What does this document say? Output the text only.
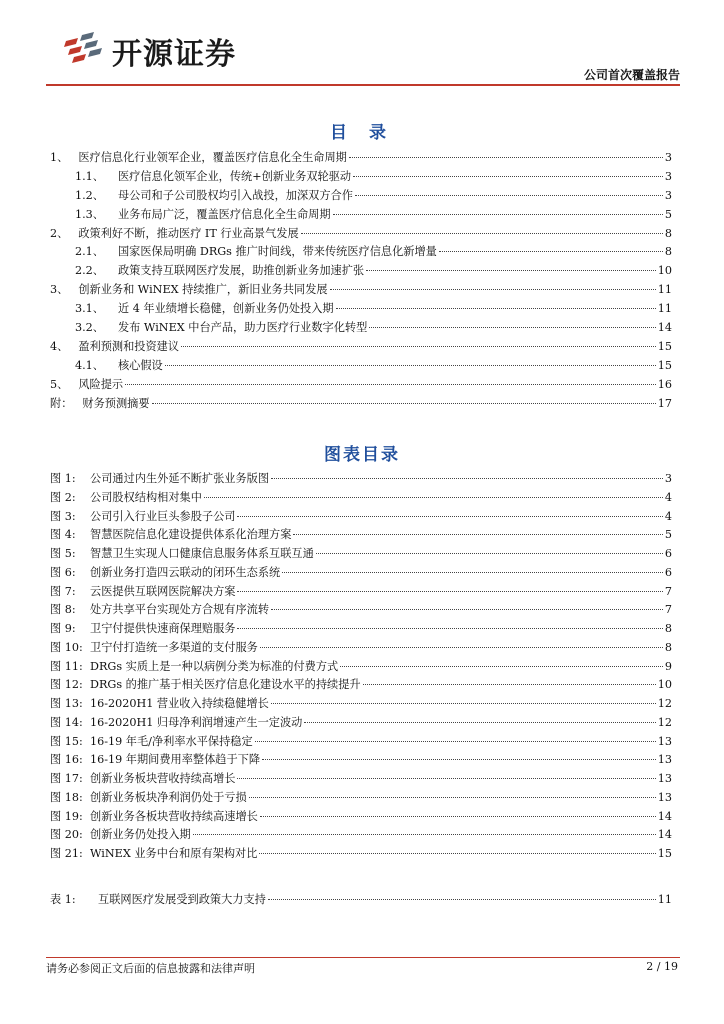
开源证券
公司首次覆盖报告
目 录
1、 医疗信息化行业领军企业，覆盖医疗信息化全生命周期	3
1.1、 医疗信息化领军企业，传统+创新业务双轮驱动	3
1.2、 母公司和子公司股权均引入战投，加深双方合作	3
1.3、 业务布局广泛，覆盖医疗信息化全生命周期	5
2、 政策利好不断，推动医疗 IT 行业高景气发展	8
2.1、 国家医保局明确 DRGs 推广时间线，带来传统医疗信息化新增量	8
2.2、 政策支持互联网医疗发展，助推创新业务加速扩张	10
3、 创新业务和 WiNEX 持续推广，新旧业务共同发展	11
3.1、 近 4 年业绩增长稳健，创新业务仍处投入期	11
3.2、 发布 WiNEX 中台产品，助力医疗行业数字化转型	14
4、 盈利预测和投资建议	15
4.1、 核心假设	15
5、 风险提示	16
附： 财务预测摘要	17
图表目录
图 1:	公司通过内生外延不断扩张业务版图	3
图 2:	公司股权结构相对集中	4
图 3:	公司引入行业巨头参股子公司	4
图 4:	智慧医院信息化建设提供体系化治理方案	5
图 5:	智慧卫生实现人口健康信息服务体系互联互通	6
图 6:	创新业务打造四云联动的闭环生态系统	6
图 7:	云医提供互联网医院解决方案	7
图 8:	处方共享平台实现处方合规有序流转	7
图 9:	卫宁付提供快速商保理赔服务	8
图 10: 卫宁付打造统一多渠道的支付服务	8
图 11: DRGs 实质上是一种以病例分类为标准的付费方式	9
图 12: DRGs 的推广基于相关医疗信息化建设水平的持续提升	10
图 13: 16-2020H1 营业收入持续稳健增长	12
图 14: 16-2020H1 归母净利润增速产生一定波动	12
图 15: 16-19 年毛/净利率水平保持稳定	13
图 16: 16-19 年期间费用率整体趋于下降	13
图 17: 创新业务板块营收持续高增长	13
图 18: 创新业务板块净利润仍处于亏损	13
图 19: 创新业务各板块营收持续高速增长	14
图 20: 创新业务仍处投入期	14
图 21: WiNEX 业务中台和原有架构对比	15
表 1:	互联网医疗发展受到政策大力支持	11
请务必参阅正文后面的信息披露和法律声明	2 / 19
